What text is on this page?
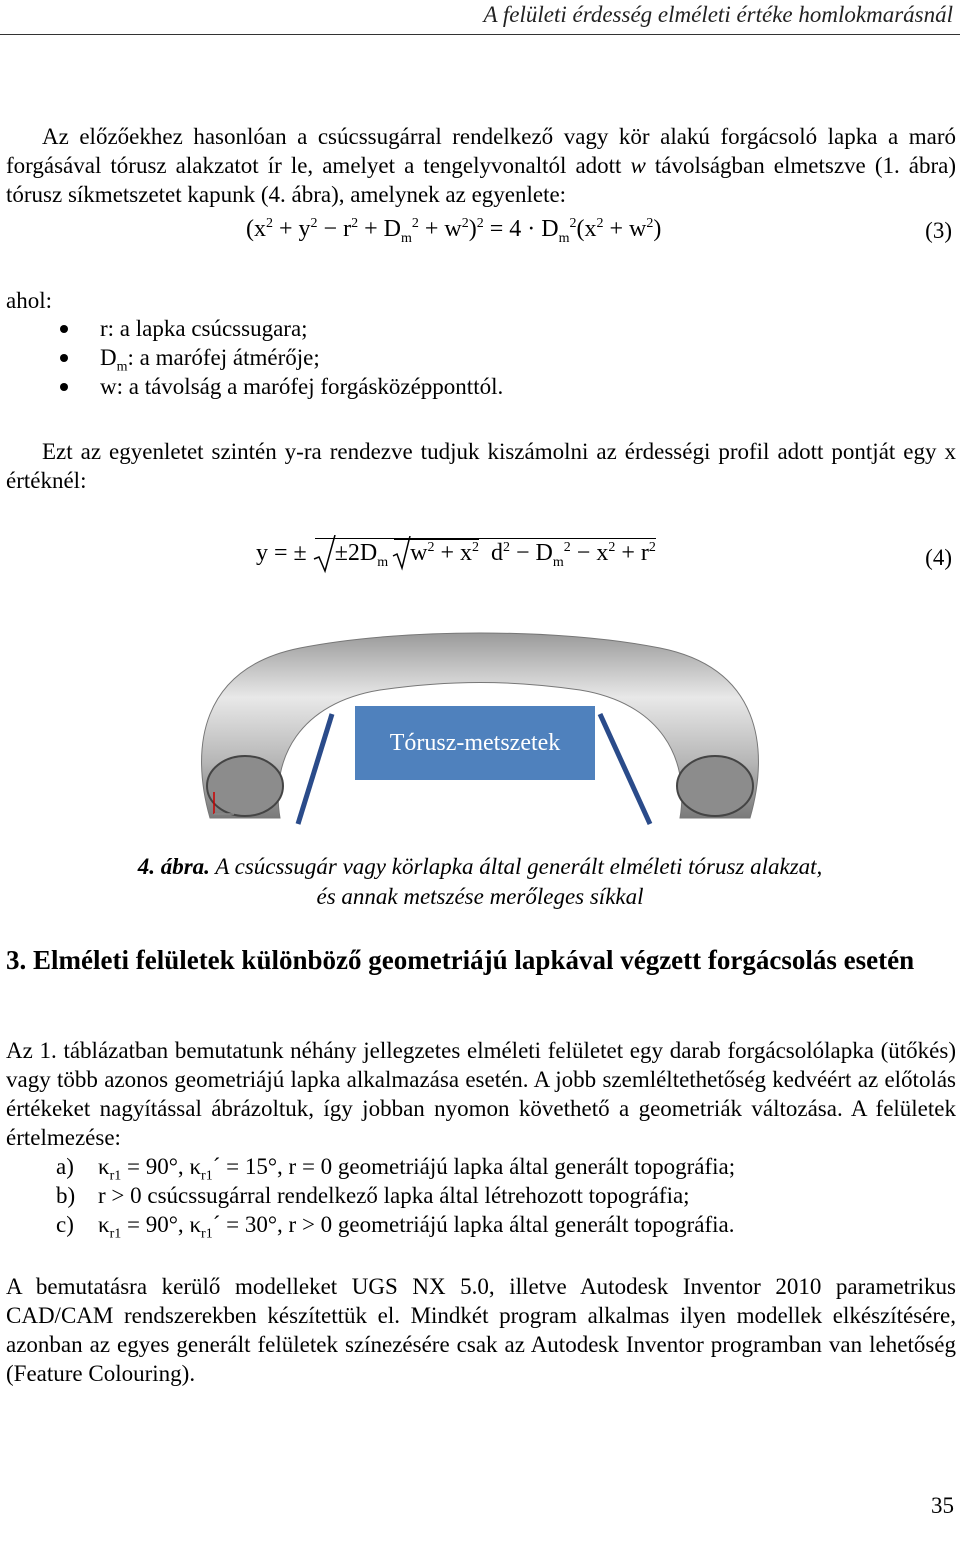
A felületi érdesség elméleti értéke homlokmarásnál

Az előzőekhez hasonlóan a csúcssugárral rendelkező vagy kör alakú forgácsoló lapka a maró forgásával tórusz alakzatot ír le, amelyet a tengelyvonaltól adott w távolságban elmetszve (1. ábra) tórusz síkmetszetet kapunk (4. ábra), amelynek az egyenlete:

$(x^2 + y^2 - r^2 + D_m^2 + w^2)^2 = 4 \cdot D_m^2(x^2 + w^2)$	(3)
ahol:
r: a lapka csúcssugara;
$D_m$: a marófej átmérője;
w: a távolság a marófej forgásközépponttól.

Ezt az egyenletet szintén y-ra rendezve tudjuk kiszámolni az érdességi profil adott pontját egy x értéknél:

y = ±
$\pm 2D_m$
$w^2 + x^2$  $d^2 - D_m^2 - x^2 + r^2$	(4)
Tórusz-metszetek
4. ábra. A csúcssugár vagy körlapka által generált elméleti tórusz alakzat,
és annak metszése merőleges síkkal
3. Elméleti felületek különböző geometriájú lapkával végzett forgácsolás esetén

Az 1. táblázatban bemutatunk néhány jellegzetes elméleti felületet egy darab forgácsolólapka (ütőkés) vagy több azonos geometriájú lapka alkalmazása esetén. A jobb szemléltethetőség kedvéért az előtolás értékeket nagyítással ábrázoltuk, így jobban nyomon követhető a geometriák változása. A felületek értelmezése:

a) $\kappa_{r1} = 90^\circ$, $\kappa_{r1}´ = 15^\circ$, r = 0 geometriájú lapka által generált topográfia;
b) r > 0 csúcssugárral rendelkező lapka által létrehozott topográfia;
c) $\kappa_{r1} = 90^\circ$, $\kappa_{r1}´ = 30^\circ$, r > 0 geometriájú lapka által generált topográfia.

A bemutatásra kerülő modelleket UGS NX 5.0, illetve Autodesk Inventor 2010 parametrikus CAD/CAM rendszerekben készítettük el. Mindkét program alkalmas ilyen modellek elkészítésére, azonban az egyes generált felületek színezésére csak az Autodesk Inventor programban van lehetőség (Feature Colouring).

35
